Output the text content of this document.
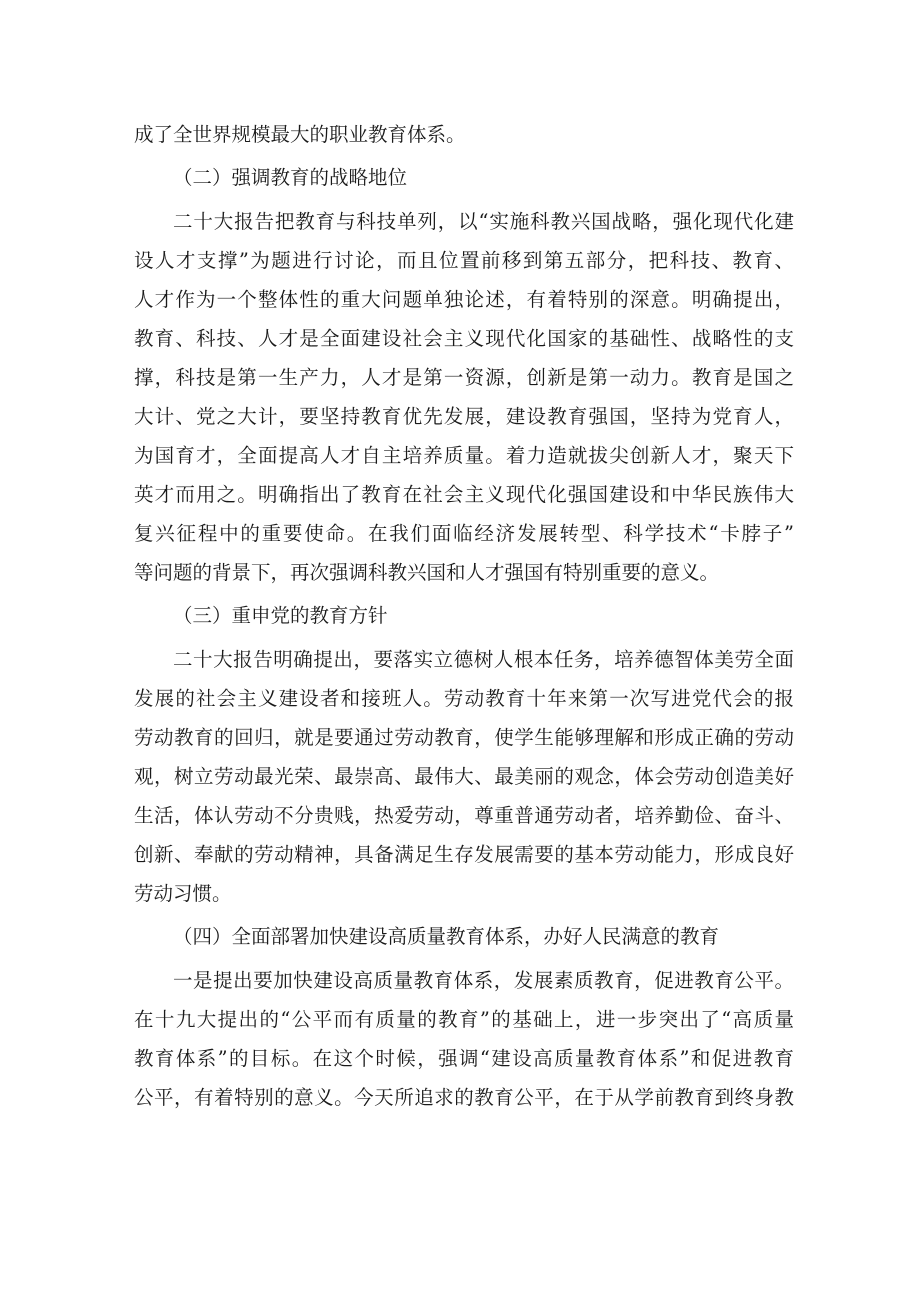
成了全世界规模最大的职业教育体系。
（二）强调教育的战略地位
二十大报告把教育与科技单列，以“实施科教兴国战略，强化现代化建
设人才支撑”为题进行讨论，而且位置前移到第五部分，把科技、教育、
人才作为一个整体性的重大问题单独论述，有着特别的深意。明确提出，
教育、科技、人才是全面建设社会主义现代化国家的基础性、战略性的支
撑，科技是第一生产力，人才是第一资源，创新是第一动力。教育是国之
大计、党之大计，要坚持教育优先发展，建设教育强国，坚持为党育人，
为国育才，全面提高人才自主培养质量。着力造就拔尖创新人才，聚天下
英才而用之。明确指出了教育在社会主义现代化强国建设和中华民族伟大
复兴征程中的重要使命。在我们面临经济发展转型、科学技术“卡脖子”
等问题的背景下，再次强调科教兴国和人才强国有特别重要的意义。
（三）重申党的教育方针
二十大报告明确提出，要落实立德树人根本任务，培养德智体美劳全面
发展的社会主义建设者和接班人。劳动教育十年来第一次写进党代会的报
劳动教育的回归，就是要通过劳动教育，使学生能够理解和形成正确的劳动
观，树立劳动最光荣、最崇高、最伟大、最美丽的观念，体会劳动创造美好
生活，体认劳动不分贵贱，热爱劳动，尊重普通劳动者，培养勤俭、奋斗、
创新、奉献的劳动精神，具备满足生存发展需要的基本劳动能力，形成良好
劳动习惯。
（四）全面部署加快建设高质量教育体系，办好人民满意的教育
一是提出要加快建设高质量教育体系，发展素质教育，促进教育公平。
在十九大提出的“公平而有质量的教育”的基础上，进一步突出了“高质量
教育体系”的目标。在这个时候，强调“建设高质量教育体系”和促进教育
公平，有着特别的意义。今天所追求的教育公平，在于从学前教育到终身教
